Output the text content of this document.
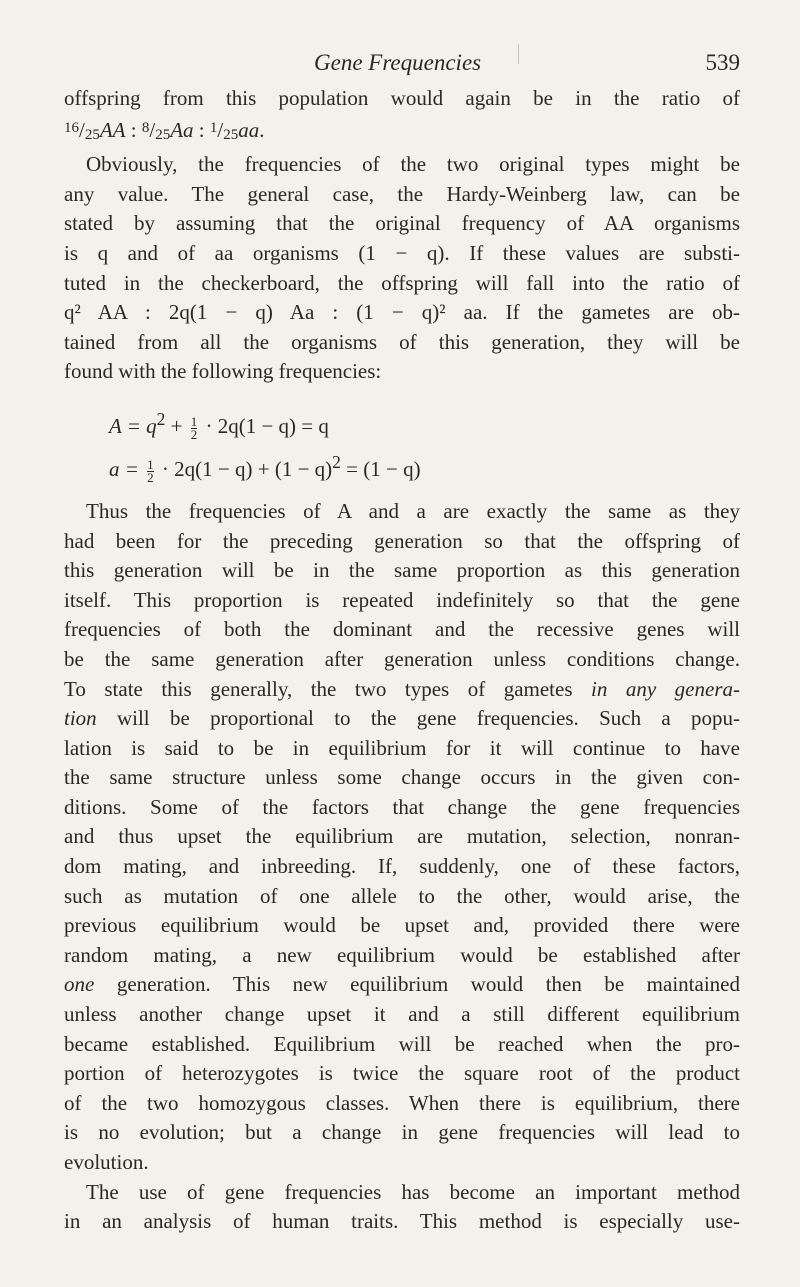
Gene Frequencies	539

offspring from this population would again be in the ratio of
$^{16}/_{25}AA$ : $^8/_{25}Aa$ : $^1/_{25}aa$.

Obviously, the frequencies of the two original types might be
any value. The general case, the Hardy-Weinberg law, can be
stated by assuming that the original frequency of AA organisms
is q and of aa organisms (1 − q). If these values are substi-
tuted in the checkerboard, the offspring will fall into the ratio of
q² AA : 2q(1 − q) Aa : (1 − q)² aa. If the gametes are ob-
tained from all the organisms of this generation, they will be
found with the following frequencies:

$A = q^2 + \frac{1}{2} \cdot 2q(1 - q) = q$
$a = \frac{1}{2} \cdot 2q(1 - q) + (1 - q)^2 = (1 - q)$

Thus the frequencies of A and a are exactly the same as they
had been for the preceding generation so that the offspring of
this generation will be in the same proportion as this generation
itself. This proportion is repeated indefinitely so that the gene
frequencies of both the dominant and the recessive genes will
be the same generation after generation unless conditions change.
To state this generally, the two types of gametes in any genera-
tion will be proportional to the gene frequencies. Such a popu-
lation is said to be in equilibrium for it will continue to have
the same structure unless some change occurs in the given con-
ditions. Some of the factors that change the gene frequencies
and thus upset the equilibrium are mutation, selection, nonran-
dom mating, and inbreeding. If, suddenly, one of these factors,
such as mutation of one allele to the other, would arise, the
previous equilibrium would be upset and, provided there were
random mating, a new equilibrium would be established after
one generation. This new equilibrium would then be maintained
unless another change upset it and a still different equilibrium
became established. Equilibrium will be reached when the pro-
portion of heterozygotes is twice the square root of the product
of the two homozygous classes. When there is equilibrium, there
is no evolution; but a change in gene frequencies will lead to
evolution.

The use of gene frequencies has become an important method
in an analysis of human traits. This method is especially use-
